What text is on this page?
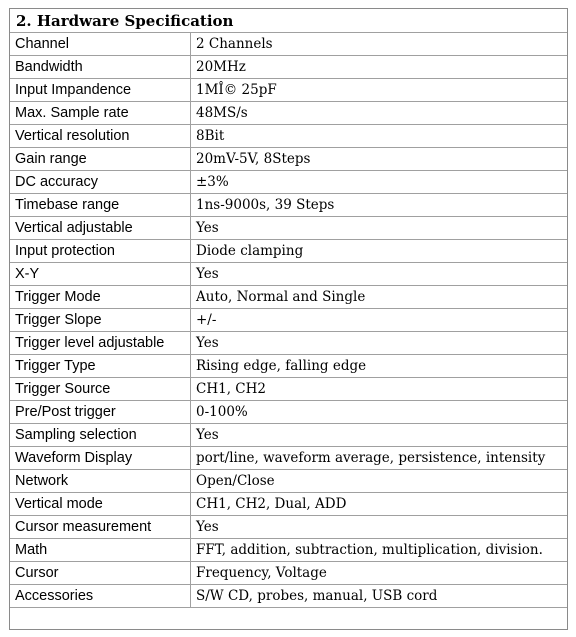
2. Hardware Specification
Channel	2 Channels
Bandwidth	20MHz
Input Impandence	1MÎ© 25pF
Max. Sample rate	48MS/s
Vertical resolution	8Bit
Gain range	20mV-5V, 8Steps
DC accuracy	±3%
Timebase range	1ns-9000s, 39 Steps
Vertical adjustable	Yes
Input protection	Diode clamping
X-Y	Yes
Trigger Mode	Auto, Normal and Single
Trigger Slope	+/-
Trigger level adjustable	Yes
Trigger Type	Rising edge, falling edge
Trigger Source	CH1, CH2
Pre/Post trigger	0-100%
Sampling selection	Yes
Waveform Display	port/line, waveform average, persistence, intensity
Network	Open/Close
Vertical mode	CH1, CH2, Dual, ADD
Cursor measurement	Yes
Math	FFT, addition, subtraction, multiplication, division.
Cursor	Frequency, Voltage
Accessories	S/W CD, probes, manual, USB cord
